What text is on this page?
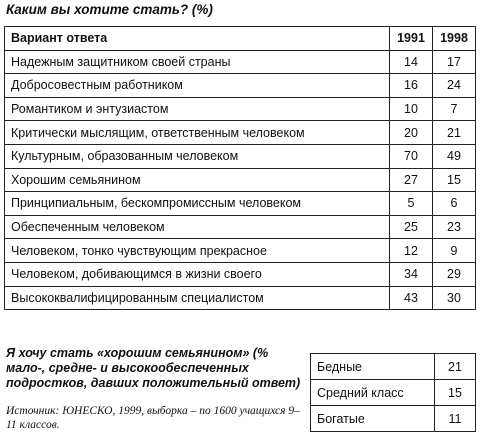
Каким вы хотите стать? (%)
Вариант ответа	1991	1998
Надежным защитником своей страны	14	17
Добросовестным работником	16	24
Романтиком и энтузиастом	10	7
Критически мыслящим, ответственным человеком	20	21
Культурным, образованным человеком	70	49
Хорошим семьянином	27	15
Принципиальным, бескомпромиссным человеком	5	6
Обеспеченным человеком	25	23
Человеком, тонко чувствующим прекрасное	12	9
Человеком, добивающимся в жизни своего	34	29
Высококвалифицированным специалистом	43	30
Я хочу стать «хорошим семьянином» (% мало-, средне- и высокообеспеченных подростков, давших положительный ответ)
Источник: ЮНЕСКО, 1999, выборка – по 1600 учащихся 9–11 классов.
Бедные	21
Средний класс	15
Богатые	11
